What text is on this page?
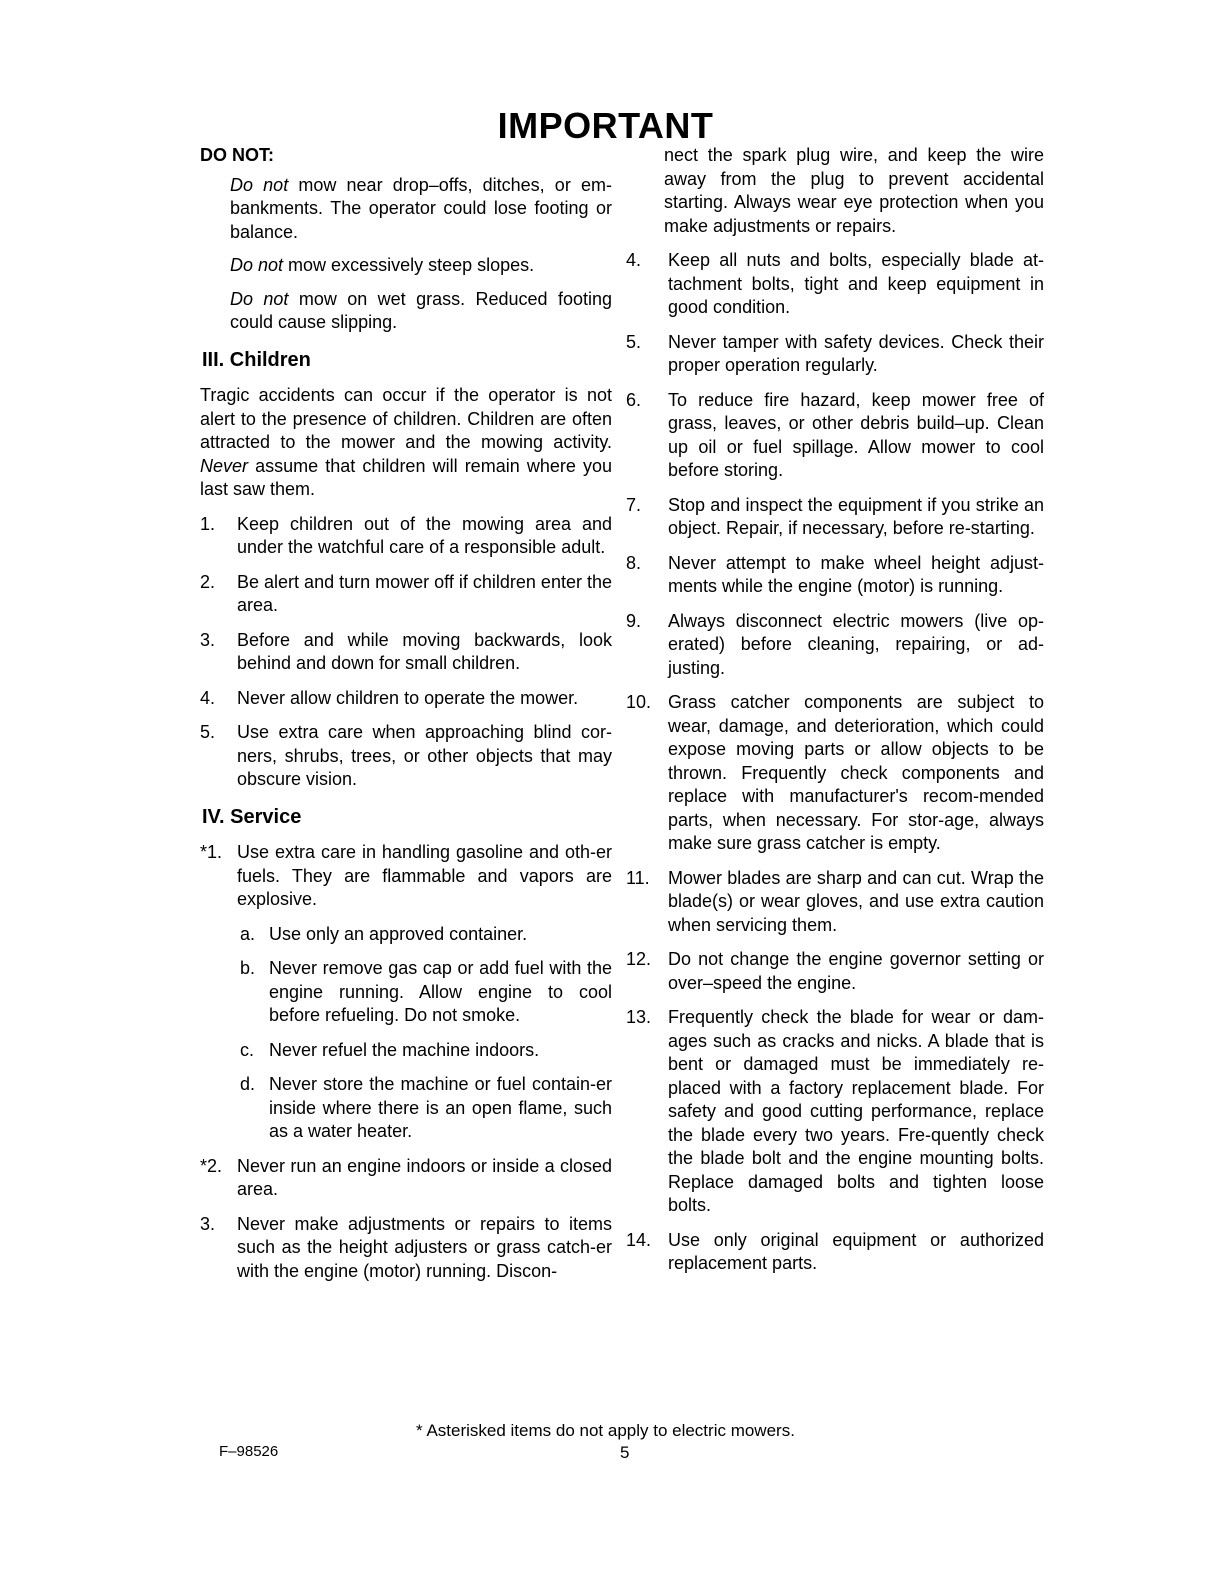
IMPORTANT

DO NOT:

Do not mow near drop–offs, ditches, or em-bankments. The operator could lose footing or balance.

Do not mow excessively steep slopes.

Do not mow on wet grass. Reduced footing could cause slipping.

III. Children

Tragic accidents can occur if the operator is not alert to the presence of children. Children are often attracted to the mower and the mowing activity. Never assume that children will remain where you last saw them.

1. Keep children out of the mowing area and under the watchful care of a responsible adult.
2. Be alert and turn mower off if children enter the area.
3. Before and while moving backwards, look behind and down for small children.
4. Never allow children to operate the mower.
5. Use extra care when approaching blind cor-ners, shrubs, trees, or other objects that may obscure vision.

IV. Service

*1. Use extra care in handling gasoline and oth-er fuels. They are flammable and vapors are explosive.
a. Use only an approved container.
b. Never remove gas cap or add fuel with the engine running. Allow engine to cool before refueling. Do not smoke.
c. Never refuel the machine indoors.
d. Never store the machine or fuel contain-er inside where there is an open flame, such as a water heater.
*2. Never run an engine indoors or inside a closed area.
3. Never make adjustments or repairs to items such as the height adjusters or grass catch-er with the engine (motor) running. Discon-

nect the spark plug wire, and keep the wire away from the plug to prevent accidental starting. Always wear eye protection when you make adjustments or repairs.

4. Keep all nuts and bolts, especially blade at-tachment bolts, tight and keep equipment in good condition.
5. Never tamper with safety devices. Check their proper operation regularly.
6. To reduce fire hazard, keep mower free of grass, leaves, or other debris build–up. Clean up oil or fuel spillage. Allow mower to cool before storing.
7. Stop and inspect the equipment if you strike an object. Repair, if necessary, before re-starting.
8. Never attempt to make wheel height adjust-ments while the engine (motor) is running.
9. Always disconnect electric mowers (live op-erated) before cleaning, repairing, or ad-justing.
10. Grass catcher components are subject to wear, damage, and deterioration, which could expose moving parts or allow objects to be thrown. Frequently check components and replace with manufacturer's recom-mended parts, when necessary. For stor-age, always make sure grass catcher is empty.
11. Mower blades are sharp and can cut. Wrap the blade(s) or wear gloves, and use extra caution when servicing them.
12. Do not change the engine governor setting or over–speed the engine.
13. Frequently check the blade for wear or dam-ages such as cracks and nicks. A blade that is bent or damaged must be immediately re-placed with a factory replacement blade. For safety and good cutting performance, replace the blade every two years. Fre-quently check the blade bolt and the engine mounting bolts. Replace damaged bolts and tighten loose bolts.
14. Use only original equipment or authorized replacement parts.
* Asterisked items do not apply to electric mowers.
F–98526	5
